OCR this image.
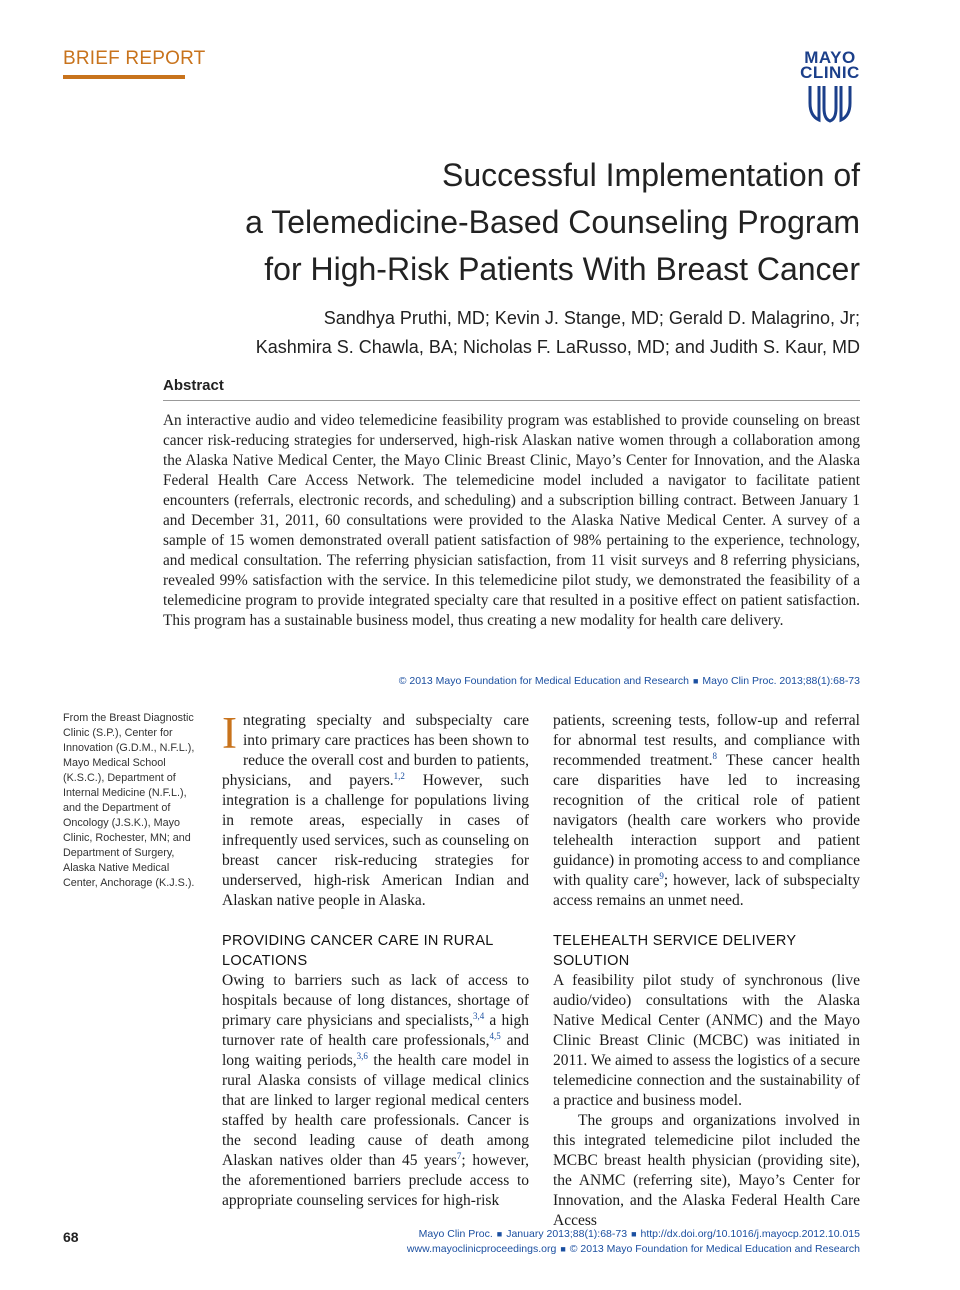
BRIEF REPORT	MAYO
CLINIC
Successful Implementation of
a Telemedicine-Based Counseling Program
for High-Risk Patients With Breast Cancer
Sandhya Pruthi, MD; Kevin J. Stange, MD; Gerald D. Malagrino, Jr;
Kashmira S. Chawla, BA; Nicholas F. LaRusso, MD; and Judith S. Kaur, MD
Abstract
An interactive audio and video telemedicine feasibility program was established to provide counseling on breast cancer risk-reducing strategies for underserved, high-risk Alaskan native women through a collaboration among the Alaska Native Medical Center, the Mayo Clinic Breast Clinic, Mayo’s Center for Innovation, and the Alaska Federal Health Care Access Network. The telemedicine model included a navigator to facilitate patient encounters (referrals, electronic records, and scheduling) and a subscription billing contract. Between January 1 and December 31, 2011, 60 consultations were provided to the Alaska Native Medical Center. A survey of a sample of 15 women demonstrated overall patient satisfaction of 98% pertaining to the experience, technology, and medical consultation. The referring physician satisfaction, from 11 visit surveys and 8 referring physicians, revealed 99% satisfaction with the service. In this telemedicine pilot study, we demonstrated the feasibility of a telemedicine program to provide integrated specialty care that resulted in a positive effect on patient satisfaction. This program has a sustainable business model, thus creating a new modality for health care delivery.
© 2013 Mayo Foundation for Medical Education and Research ■ Mayo Clin Proc. 2013;88(1):68-73
From the Breast Diagnostic Clinic (S.P.), Center for Innovation (G.D.M., N.F.L.), Mayo Medical School (K.S.C.), Department of Internal Medicine (N.F.L.), and the Department of Oncology (J.S.K.), Mayo Clinic, Rochester, MN; and Department of Surgery, Alaska Native Medical Center, Anchorage (K.J.S.).

Integrating specialty and subspecialty care into primary care practices has been shown to reduce the overall cost and burden to patients, physicians, and payers.$^{1,2}$ However, such integration is a challenge for populations living in remote areas, especially in cases of infrequently used services, such as counseling on breast cancer risk-reducing strategies for underserved, high-risk American Indian and Alaskan native people in Alaska.

PROVIDING CANCER CARE IN RURAL LOCATIONS

Owing to barriers such as lack of access to hospitals because of long distances, shortage of primary care physicians and specialists,$^{3,4}$ a high turnover rate of health care professionals,$^{4,5}$ and long waiting periods,$^{3,6}$ the health care model in rural Alaska consists of village medical clinics that are linked to larger regional medical centers staffed by health care professionals. Cancer is the second leading cause of death among Alaskan natives older than 45 years$^7$; however, the aforementioned barriers preclude access to appropriate counseling services for high-risk

patients, screening tests, follow-up and referral for abnormal test results, and compliance with recommended treatment.$^8$ These cancer health care disparities have led to increasing recognition of the critical role of patient navigators (health care workers who provide telehealth interaction support and patient guidance) in promoting access to and compliance with quality care$^9$; however, lack of subspecialty access remains an unmet need.

TELEHEALTH SERVICE DELIVERY SOLUTION

A feasibility pilot study of synchronous (live audio/video) consultations with the Alaska Native Medical Center (ANMC) and the Mayo Clinic Breast Clinic (MCBC) was initiated in 2011. We aimed to assess the logistics of a secure telemedicine connection and the sustainability of a practice and business model.

The groups and organizations involved in this integrated telemedicine pilot included the MCBC breast health physician (providing site), the ANMC (referring site), Mayo’s Center for Innovation, and the Alaska Federal Health Care Access

68	Mayo Clin Proc. ■ January 2013;88(1):68-73 ■ http://dx.doi.org/10.1016/j.mayocp.2012.10.015
www.mayoclinicproceedings.org ■ © 2013 Mayo Foundation for Medical Education and Research
